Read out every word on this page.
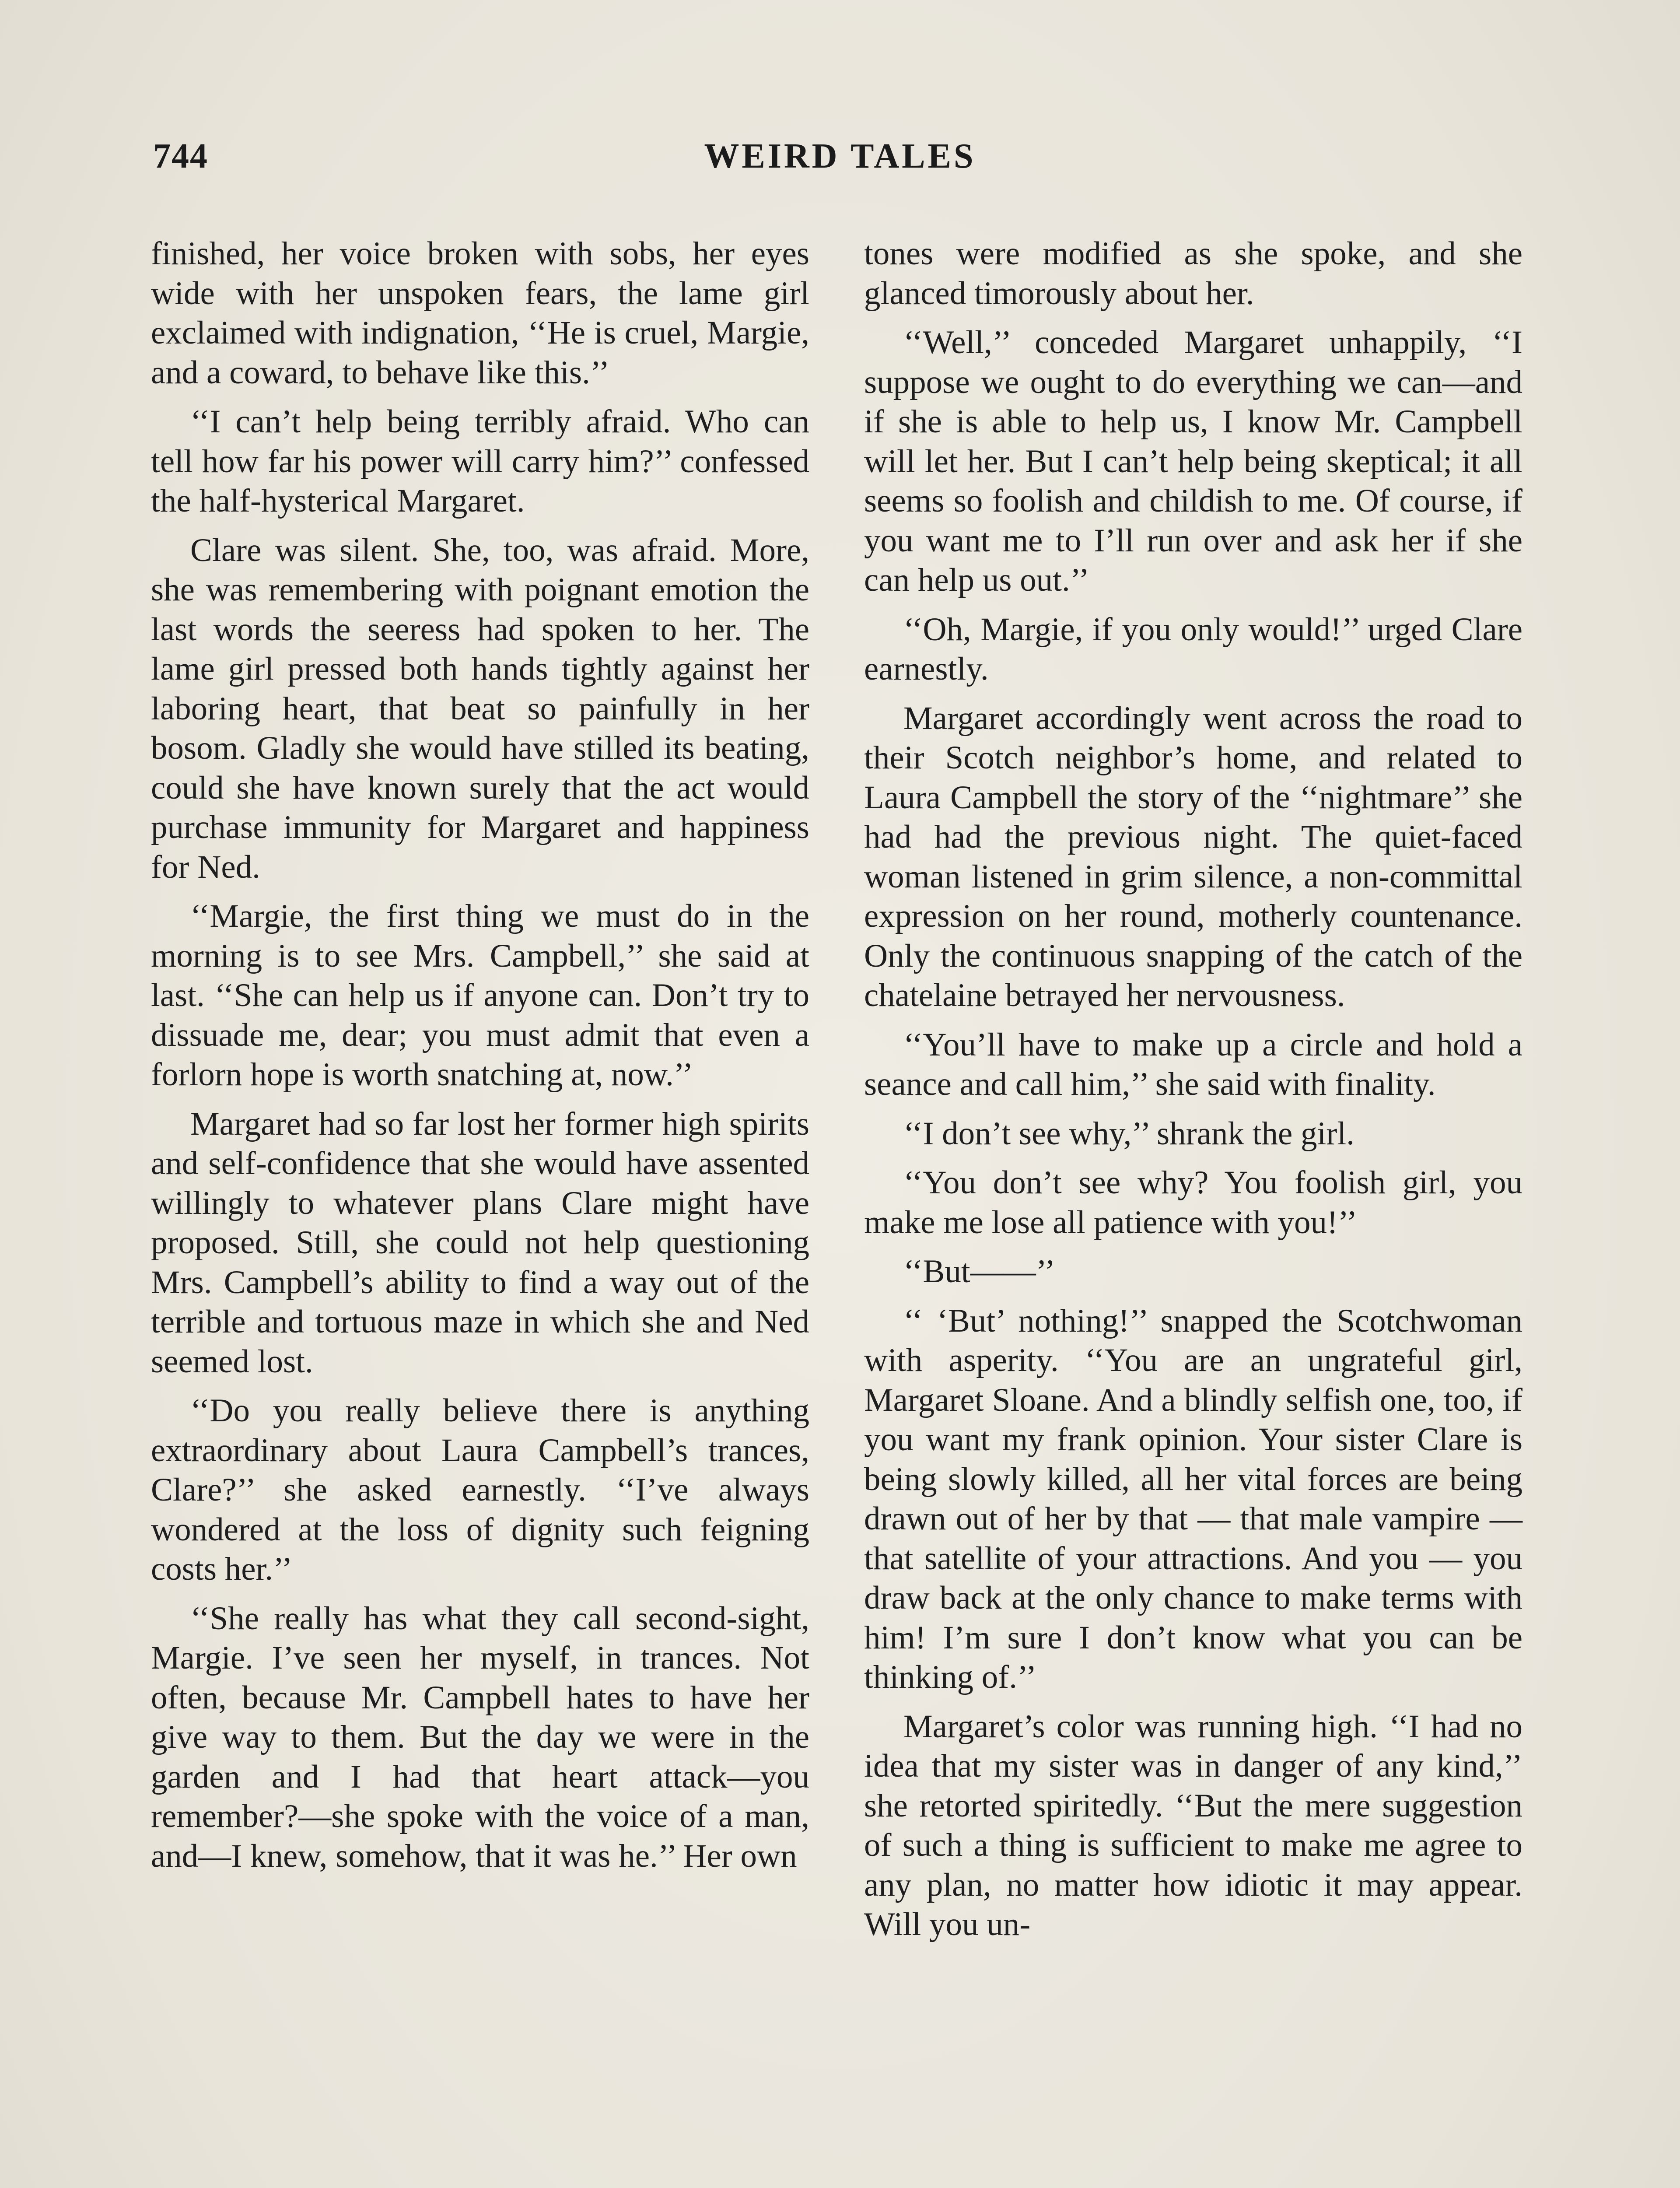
744	WEIRD TALES

finished, her voice broken with sobs, her eyes wide with her unspoken fears, the lame girl exclaimed with indignation, ‘‘He is cruel, Margie, and a coward, to behave like this.’’

‘‘I can’t help being terribly afraid. Who can tell how far his power will carry him?’’ confessed the half-hysterical Margaret.

Clare was silent. She, too, was afraid. More, she was remembering with poignant emotion the last words the seeress had spoken to her. The lame girl pressed both hands tightly against her laboring heart, that beat so painfully in her bosom. Gladly she would have stilled its beating, could she have known surely that the act would purchase immunity for Margaret and happiness for Ned.

‘‘Margie, the first thing we must do in the morning is to see Mrs. Campbell,’’ she said at last. ‘‘She can help us if anyone can. Don’t try to dissuade me, dear; you must admit that even a forlorn hope is worth snatching at, now.’’

Margaret had so far lost her former high spirits and self-confidence that she would have assented willingly to whatever plans Clare might have proposed. Still, she could not help questioning Mrs. Campbell’s ability to find a way out of the terrible and tortuous maze in which she and Ned seemed lost.

‘‘Do you really believe there is anything extraordinary about Laura Campbell’s trances, Clare?’’ she asked earnestly. ‘‘I’ve always wondered at the loss of dignity such feigning costs her.’’

‘‘She really has what they call second-sight, Margie. I’ve seen her myself, in trances. Not often, because Mr. Campbell hates to have her give way to them. But the day we were in the garden and I had that heart attack—you remember?—she spoke with the voice of a man, and—I knew, somehow, that it was he.’’ Her own

tones were modified as she spoke, and she glanced timorously about her.

‘‘Well,’’ conceded Margaret unhappily, ‘‘I suppose we ought to do everything we can—and if she is able to help us, I know Mr. Campbell will let her. But I can’t help being skeptical; it all seems so foolish and childish to me. Of course, if you want me to I’ll run over and ask her if she can help us out.’’

‘‘Oh, Margie, if you only would!’’ urged Clare earnestly.

Margaret accordingly went across the road to their Scotch neighbor’s home, and related to Laura Campbell the story of the ‘‘nightmare’’ she had had the previous night. The quiet-faced woman listened in grim silence, a non-committal expression on her round, motherly countenance. Only the continuous snapping of the catch of the chatelaine betrayed her nervousness.

‘‘You’ll have to make up a circle and hold a seance and call him,’’ she said with finality.

‘‘I don’t see why,’’ shrank the girl.

‘‘You don’t see why? You foolish girl, you make me lose all patience with you!’’

‘‘But——’’

‘‘ ‘But’ nothing!’’ snapped the Scotchwoman with asperity. ‘‘You are an ungrateful girl, Margaret Sloane. And a blindly selfish one, too, if you want my frank opinion. Your sister Clare is being slowly killed, all her vital forces are being drawn out of her by that — that male vampire — that satellite of your attractions. And you — you draw back at the only chance to make terms with him! I’m sure I don’t know what you can be thinking of.’’

Margaret’s color was running high. ‘‘I had no idea that my sister was in danger of any kind,’’ she retorted spiritedly. ‘‘But the mere suggestion of such a thing is sufficient to make me agree to any plan, no matter how idiotic it may appear. Will you un-
